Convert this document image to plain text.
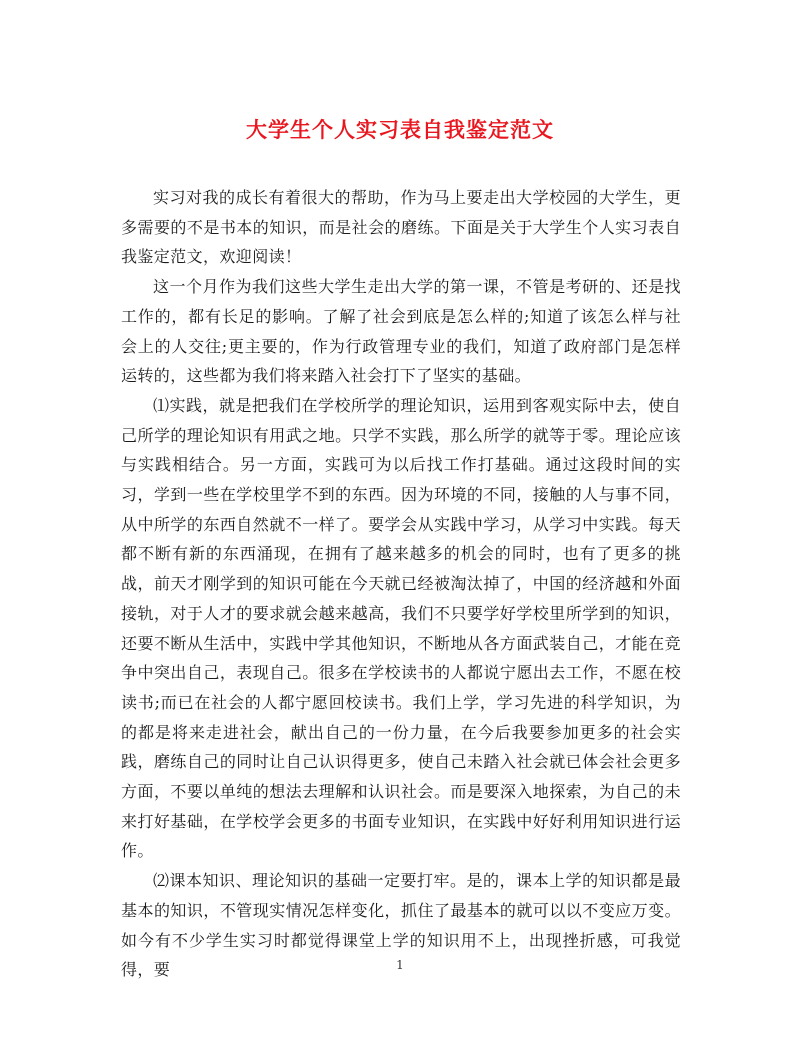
大学生个人实习表自我鉴定范文

实习对我的成长有着很大的帮助，作为马上要走出大学校园的大学生，更多需要的不是书本的知识，而是社会的磨练。下面是关于大学生个人实习表自我鉴定范文，欢迎阅读！

这一个月作为我们这些大学生走出大学的第一课，不管是考研的、还是找工作的，都有长足的影响。了解了社会到底是怎么样的;知道了该怎么样与社会上的人交往;更主要的，作为行政管理专业的我们，知道了政府部门是怎样运转的，这些都为我们将来踏入社会打下了坚实的基础。

⑴实践，就是把我们在学校所学的理论知识，运用到客观实际中去，使自己所学的理论知识有用武之地。只学不实践，那么所学的就等于零。理论应该与实践相结合。另一方面，实践可为以后找工作打基础。通过这段时间的实习，学到一些在学校里学不到的东西。因为环境的不同，接触的人与事不同，从中所学的东西自然就不一样了。要学会从实践中学习，从学习中实践。每天都不断有新的东西涌现，在拥有了越来越多的机会的同时，也有了更多的挑战，前天才刚学到的知识可能在今天就已经被淘汰掉了，中国的经济越和外面接轨，对于人才的要求就会越来越高，我们不只要学好学校里所学到的知识，还要不断从生活中，实践中学其他知识，不断地从各方面武装自己，才能在竞争中突出自己，表现自己。很多在学校读书的人都说宁愿出去工作，不愿在校读书;而已在社会的人都宁愿回校读书。我们上学，学习先进的科学知识，为的都是将来走进社会，献出自己的一份力量，在今后我要参加更多的社会实践，磨练自己的同时让自己认识得更多，使自己未踏入社会就已体会社会更多方面，不要以单纯的想法去理解和认识社会。而是要深入地探索，为自己的未来打好基础，在学校学会更多的书面专业知识，在实践中好好利用知识进行运作。

⑵课本知识、理论知识的基础一定要打牢。是的，课本上学的知识都是最基本的知识，不管现实情况怎样变化，抓住了最基本的就可以以不变应万变。如今有不少学生实习时都觉得课堂上学的知识用不上，出现挫折感，可我觉得，要	1
